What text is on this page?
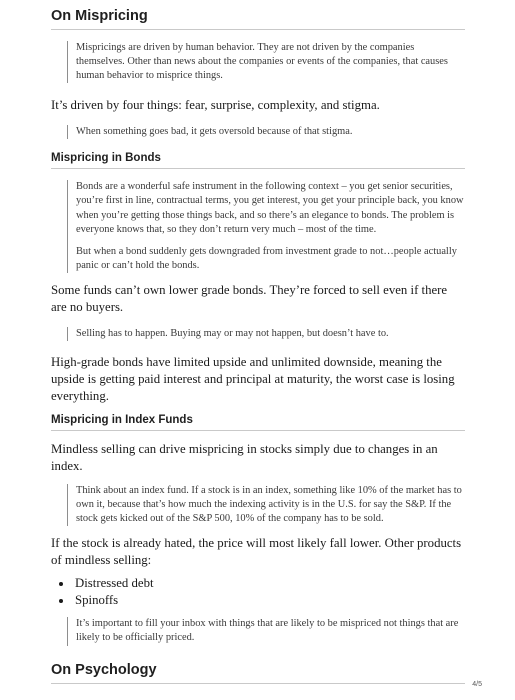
On Mispricing

Mispricings are driven by human behavior. They are not driven by the companies themselves. Other than news about the companies or events of the companies, that causes human behavior to misprice things.

It’s driven by four things: fear, surprise, complexity, and stigma.

When something goes bad, it gets oversold because of that stigma.

Mispricing in Bonds

Bonds are a wonderful safe instrument in the following context – you get senior securities, you’re first in line, contractual terms, you get interest, you get your principle back, you know when you’re getting those things back, and so there’s an elegance to bonds. The problem is everyone knows that, so they don’t return very much – most of the time.

But when a bond suddenly gets downgraded from investment grade to not…people actually panic or can’t hold the bonds.

Some funds can’t own lower grade bonds. They’re forced to sell even if there are no buyers.

Selling has to happen. Buying may or may not happen, but doesn’t have to.

High-grade bonds have limited upside and unlimited downside, meaning the upside is getting paid interest and principal at maturity, the worst case is losing everything.

Mispricing in Index Funds

Mindless selling can drive mispricing in stocks simply due to changes in an index.

Think about an index fund. If a stock is in an index, something like 10% of the market has to own it, because that’s how much the indexing activity is in the U.S. for say the S&P. If the stock gets kicked out of the S&P 500, 10% of the company has to be sold.

If the stock is already hated, the price will most likely fall lower. Other products of mindless selling:

• Distressed debt
• Spinoffs

It’s important to fill your inbox with things that are likely to be mispriced not things that are likely to be officially priced.

On Psychology
4/5
